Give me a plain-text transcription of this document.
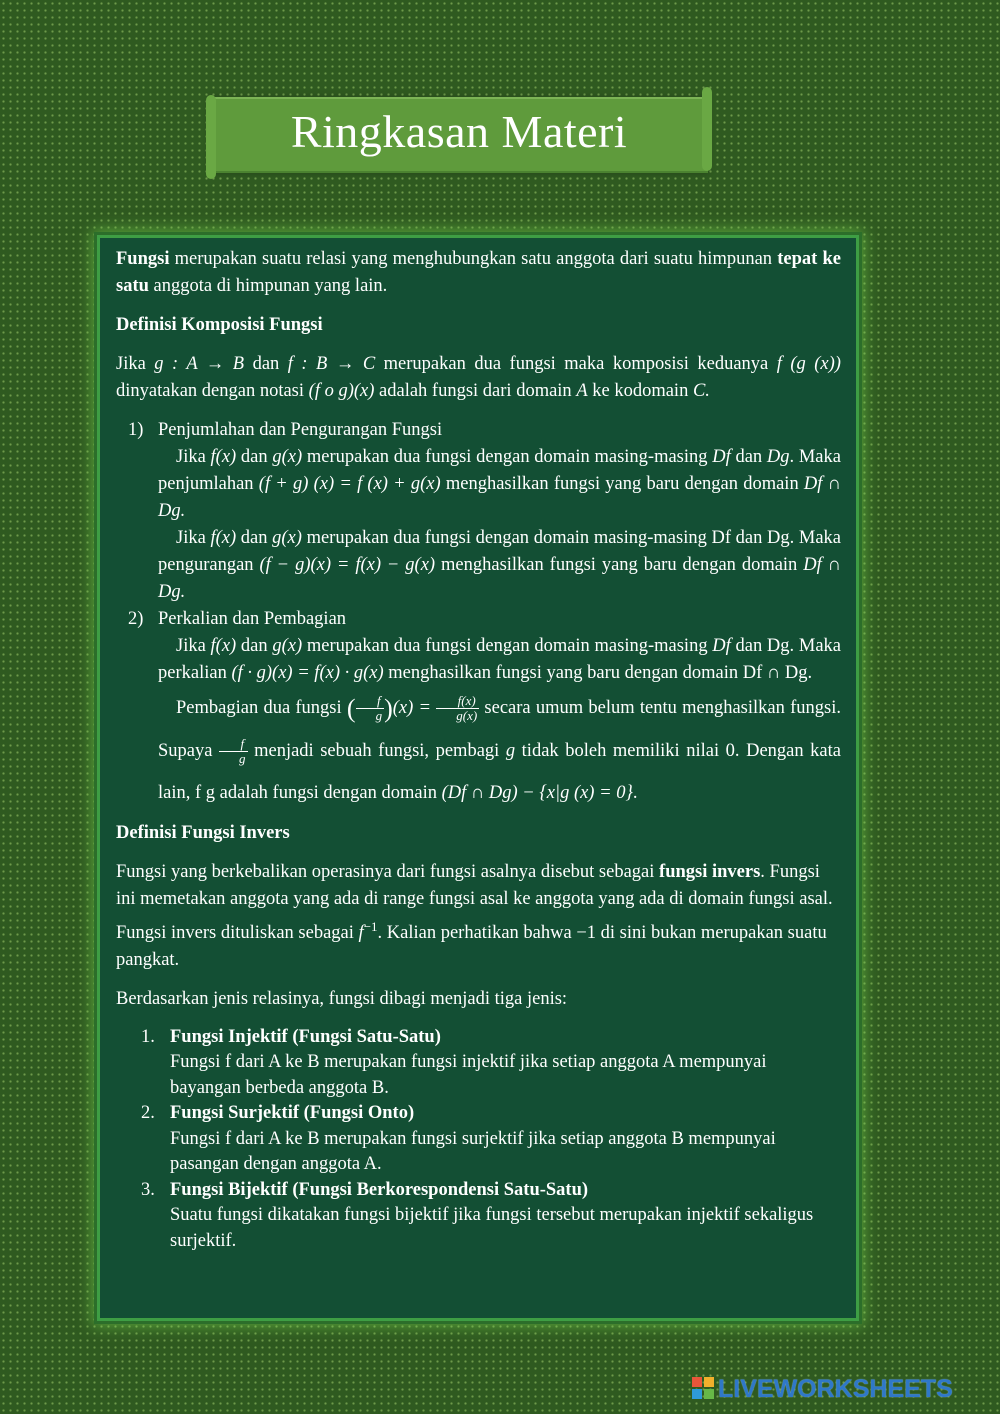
Ringkasan Materi

Fungsi merupakan suatu relasi yang menghubungkan satu anggota dari suatu himpunan tepat ke satu anggota di himpunan yang lain.

Definisi Komposisi Fungsi

Jika g : A → B dan f : B → C merupakan dua fungsi maka komposisi keduanya f (g (x)) dinyatakan dengan notasi (f o g)(x) adalah fungsi dari domain A ke kodomain C.

1) Penjumlahan dan Pengurangan Fungsi

Jika f(x) dan g(x) merupakan dua fungsi dengan domain masing-masing Df dan Dg. Maka penjumlahan (f + g) (x) = f (x) + g(x) menghasilkan fungsi yang baru dengan domain Df ∩ Dg.

Jika f(x) dan g(x) merupakan dua fungsi dengan domain masing-masing Df dan Dg. Maka pengurangan (f − g)(x) = f(x) − g(x) menghasilkan fungsi yang baru dengan domain Df ∩ Dg.

2) Perkalian dan Pembagian

Jika f(x) dan g(x) merupakan dua fungsi dengan domain masing-masing Df dan Dg. Maka perkalian (f · g)(x) = f(x) · g(x) menghasilkan fungsi yang baru dengan domain Df ∩ Dg.

Pembagian dua fungsi ( $\frac{f}{g} )(x) = \frac{f(x)}{g(x)}$ secara umum belum tentu menghasilkan fungsi. Supaya $\frac{f}{g}$ menjadi sebuah fungsi, pembagi g tidak boleh memiliki nilai 0. Dengan kata lain, f g adalah fungsi dengan domain (Df ∩ Dg) − {x|g (x) = 0}.

Definisi Fungsi Invers

Fungsi yang berkebalikan operasinya dari fungsi asalnya disebut sebagai fungsi invers. Fungsi ini memetakan anggota yang ada di range fungsi asal ke anggota yang ada di domain fungsi asal. Fungsi invers dituliskan sebagai $f^{-1}$. Kalian perhatikan bahwa −1 di sini bukan merupakan suatu pangkat.

Berdasarkan jenis relasinya, fungsi dibagi menjadi tiga jenis:

1. Fungsi Injektif (Fungsi Satu-Satu)

Fungsi f dari A ke B merupakan fungsi injektif jika setiap anggota A mempunyai bayangan berbeda anggota B.

2. Fungsi Surjektif (Fungsi Onto)

Fungsi f dari A ke B merupakan fungsi surjektif jika setiap anggota B mempunyai pasangan dengan anggota A.

3. Fungsi Bijektif (Fungsi Berkorespondensi Satu-Satu)

Suatu fungsi dikatakan fungsi bijektif jika fungsi tersebut merupakan injektif sekaligus surjektif.

LIVEWORKSHEETS
